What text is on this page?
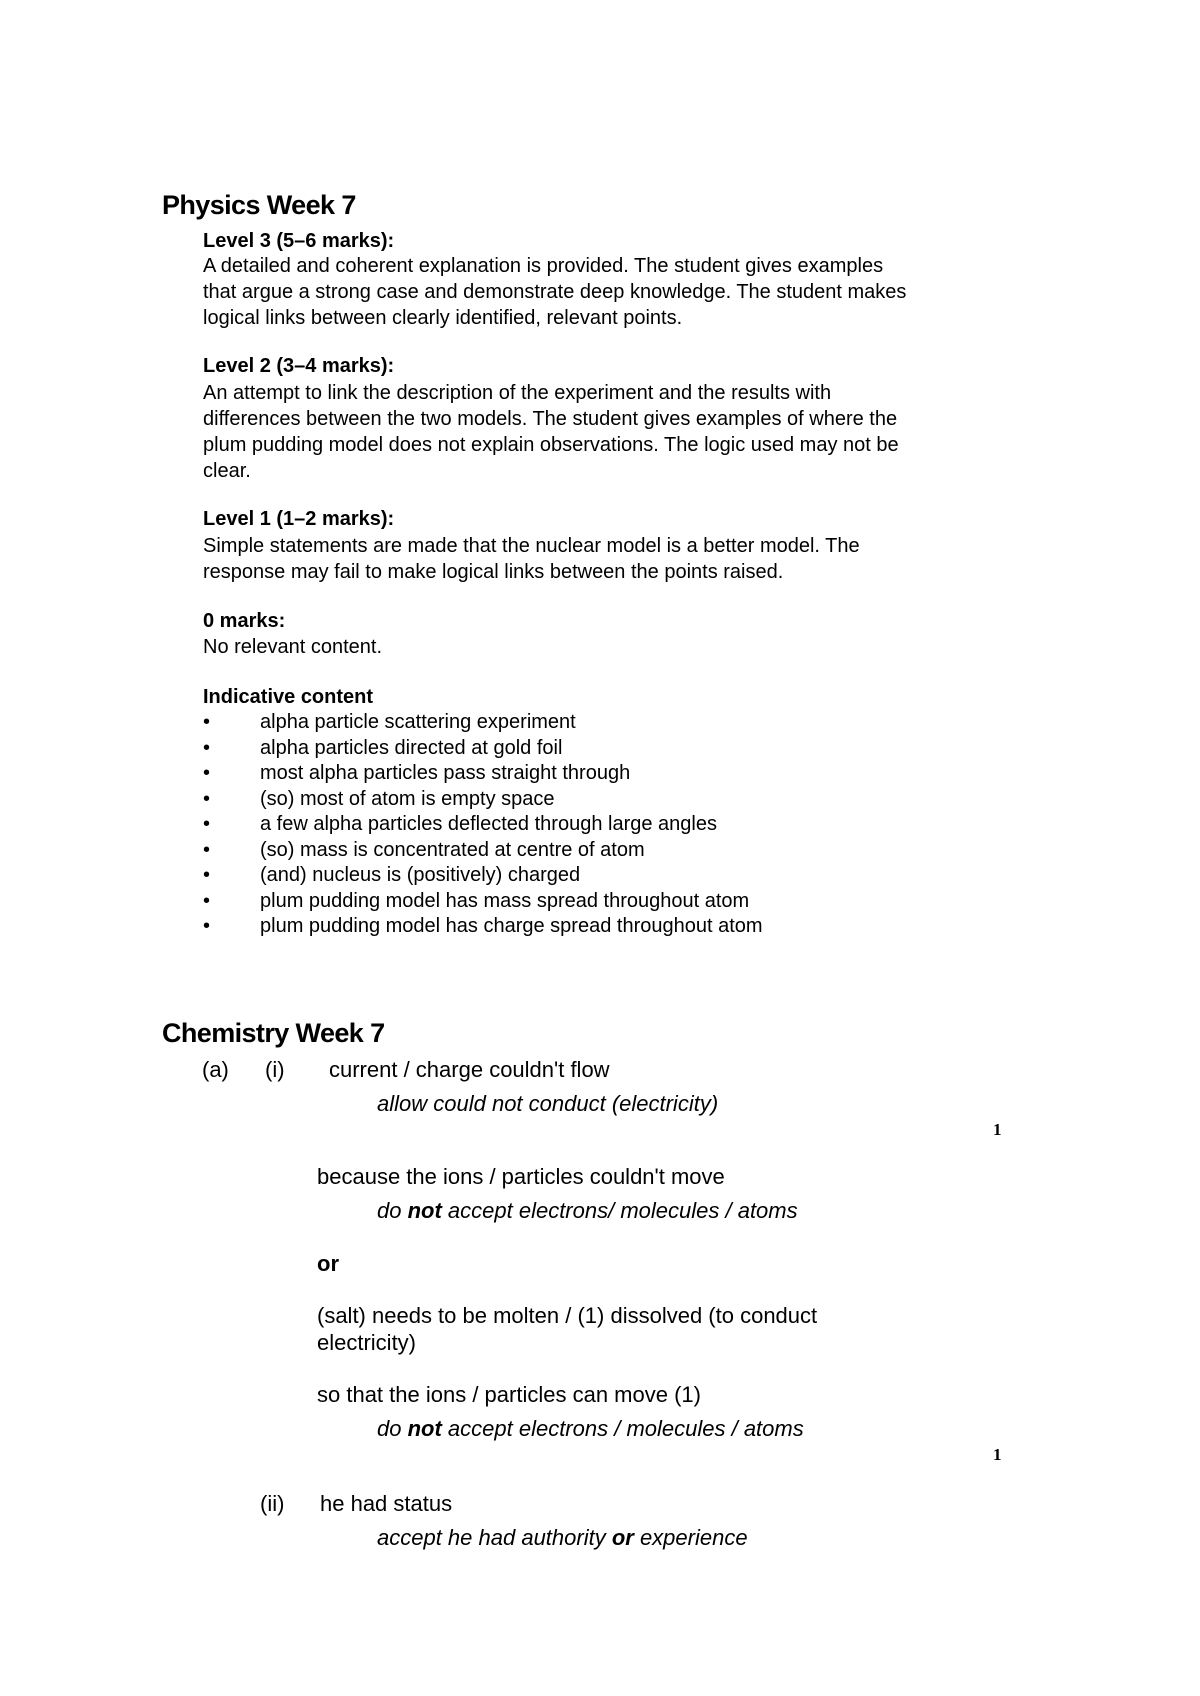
Physics Week 7
Level 3 (5–6 marks):
A detailed and coherent explanation is provided. The student gives examples
that argue a strong case and demonstrate deep knowledge. The student makes
logical links between clearly identified, relevant points.
Level 2 (3–4 marks):
An attempt to link the description of the experiment and the results with
differences between the two models. The student gives examples of where the
plum pudding model does not explain observations. The logic used may not be
clear.
Level 1 (1–2 marks):
Simple statements are made that the nuclear model is a better model. The
response may fail to make logical links between the points raised.
0 marks:
No relevant content.
Indicative content
• alpha particle scattering experiment
• alpha particles directed at gold foil
• most alpha particles pass straight through
• (so) most of atom is empty space
• a few alpha particles deflected through large angles
• (so) mass is concentrated at centre of atom
• (and) nucleus is (positively) charged
• plum pudding model has mass spread throughout atom
• plum pudding model has charge spread throughout atom
Chemistry Week 7
(a) (i) current / charge couldn't flow
allow could not conduct (electricity)
1
because the ions / particles couldn't move
do not accept electrons/ molecules / atoms
or
(salt) needs to be molten / (1) dissolved (to conduct
electricity)
so that the ions / particles can move (1)
do not accept electrons / molecules / atoms
1
(ii) he had status
accept he had authority or experience
